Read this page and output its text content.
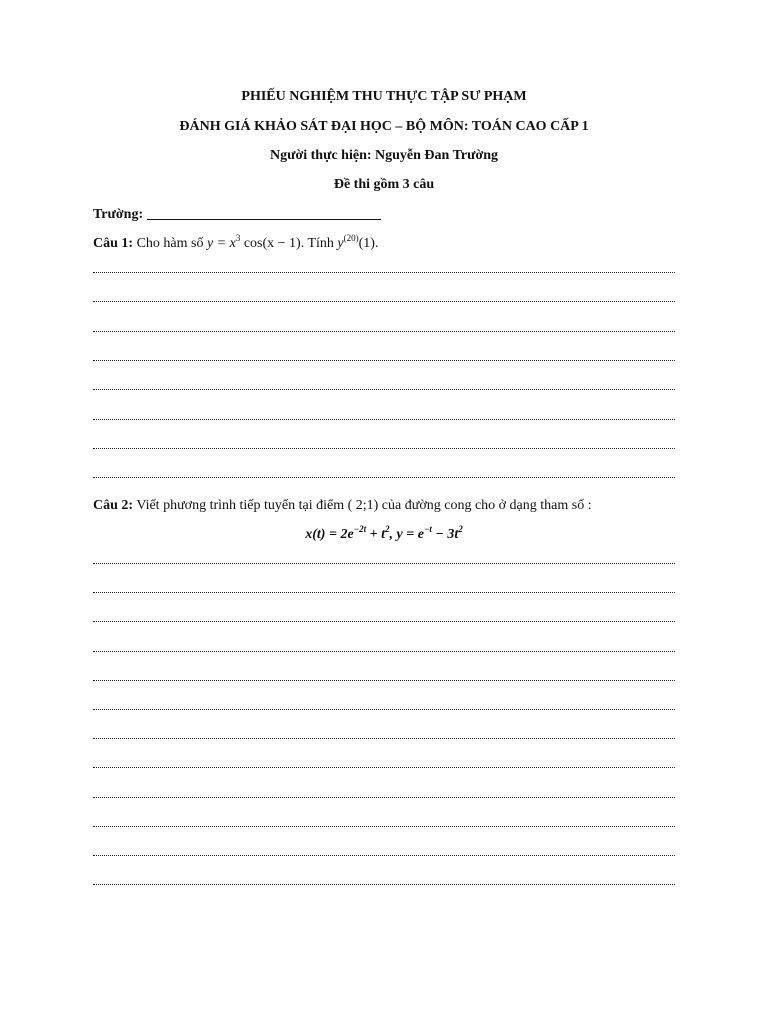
PHIẾU NGHIỆM THU THỰC TẬP SƯ PHẠM
ĐÁNH GIÁ KHẢO SÁT ĐẠI HỌC – BỘ MÔN: TOÁN CAO CẤP 1
Người thực hiện: Nguyễn Đan Trường
Đề thi gồm 3 câu
Trường:
Câu 1: Cho hàm số $y = x^3$ cos(x − 1). Tính $y^{(20)}(1)$.
Câu 2: Viết phương trình tiếp tuyến tại điểm ( 2;1) của đường cong cho ở dạng tham số :
$x(t) = 2e^{-2t} + t^2$, $y = e^{-t} - 3t^2$
